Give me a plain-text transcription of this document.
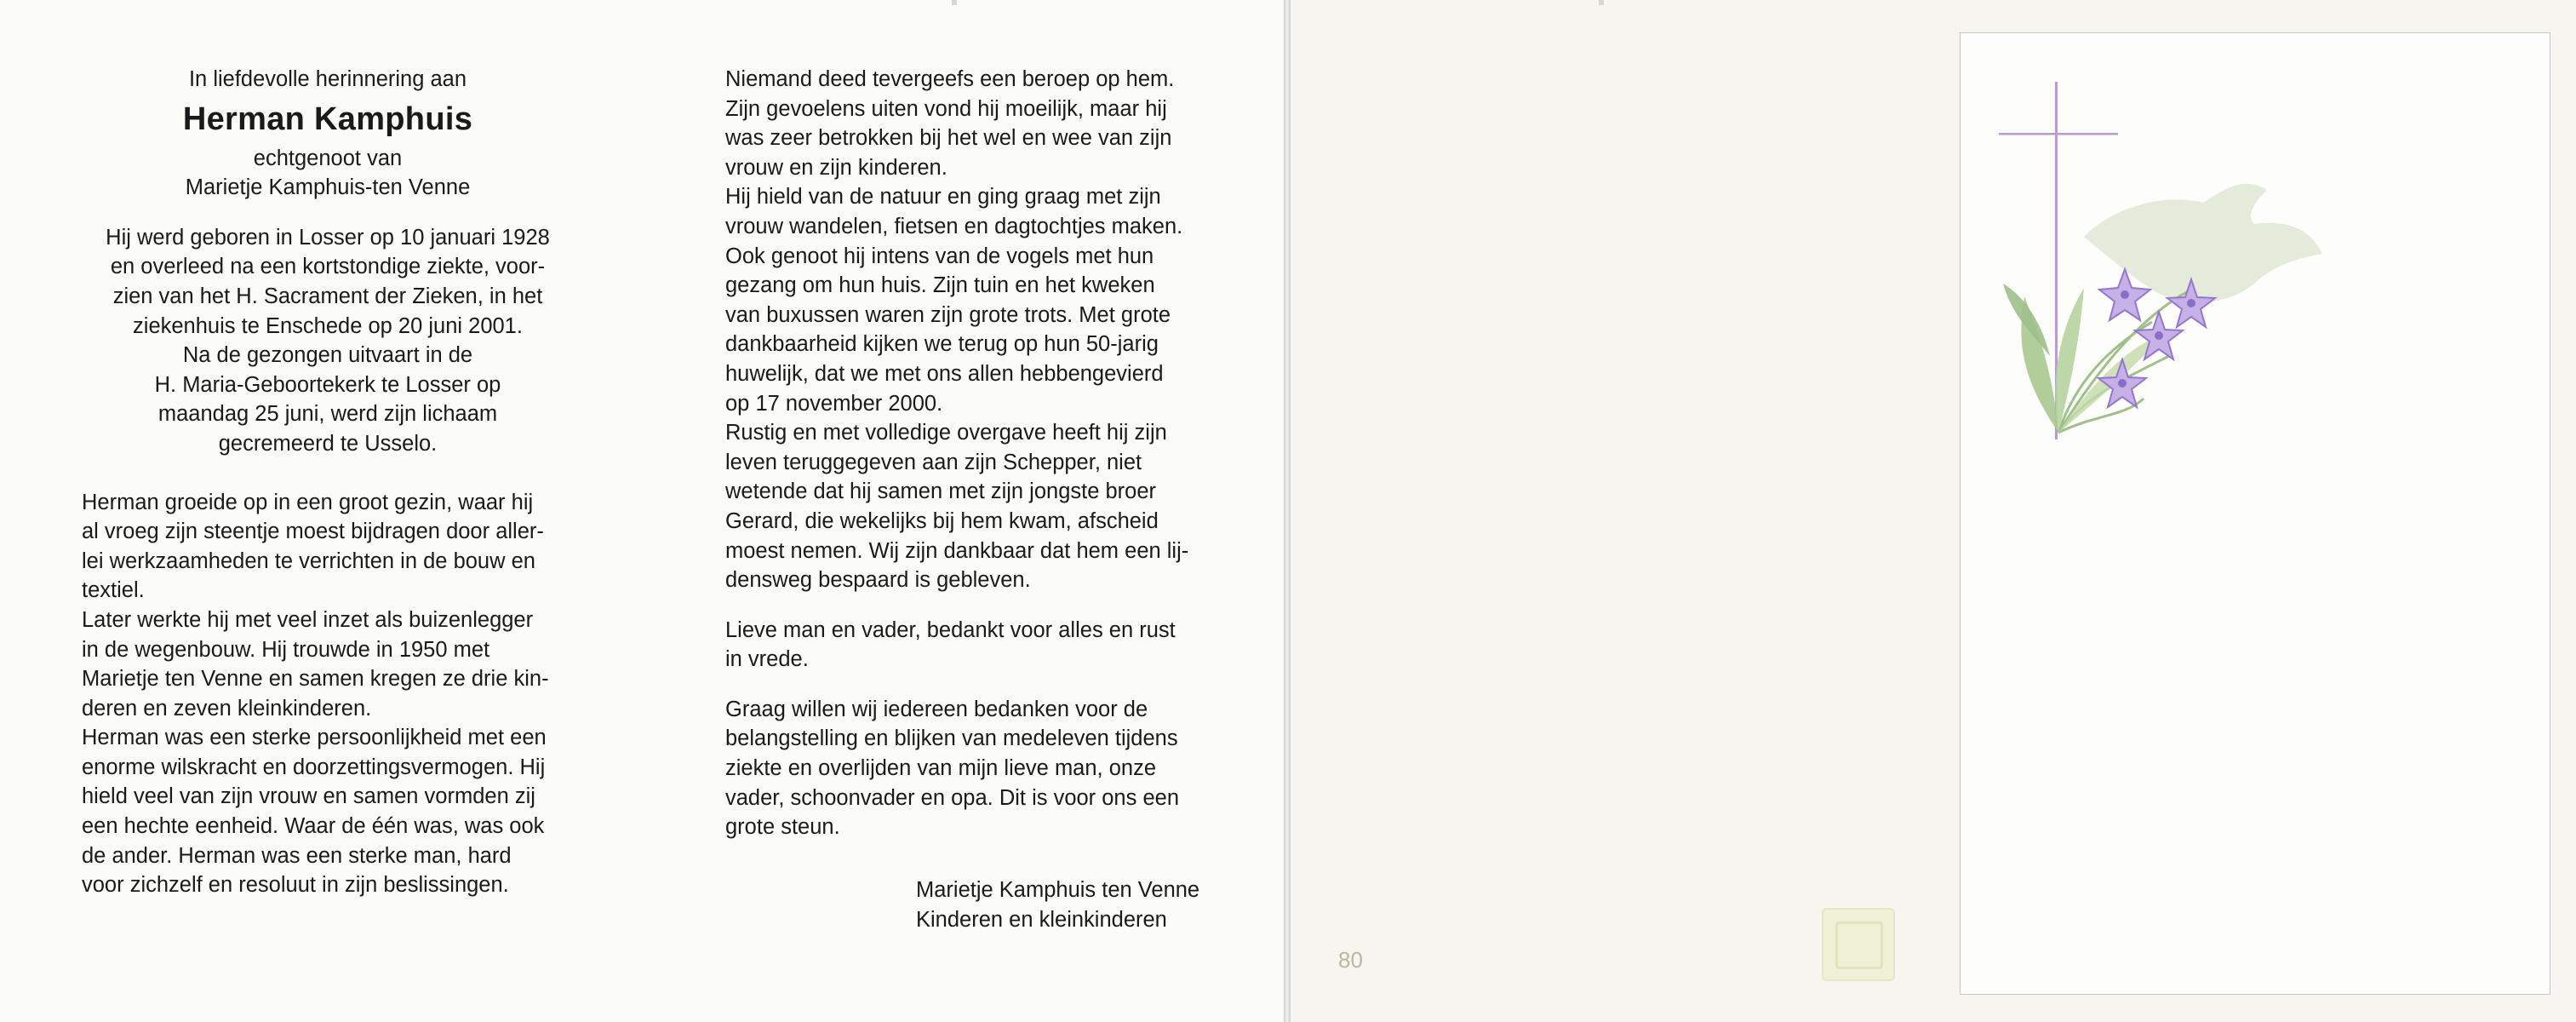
In liefdevolle herinnering aan
Herman Kamphuis
echtgenoot van
Marietje Kamphuis-ten Venne
Hij werd geboren in Losser op 10 januari 1928
en overleed na een kortstondige ziekte, voor-
zien van het H. Sacrament der Zieken, in het
ziekenhuis te Enschede op 20 juni 2001.
Na de gezongen uitvaart in de
H. Maria-Geboortekerk te Losser op
maandag 25 juni, werd zijn lichaam
gecremeerd te Usselo.
Herman groeide op in een groot gezin, waar hij
al vroeg zijn steentje moest bijdragen door aller-
lei werkzaamheden te verrichten in de bouw en
textiel.
Later werkte hij met veel inzet als buizenlegger
in de wegenbouw. Hij trouwde in 1950 met
Marietje ten Venne en samen kregen ze drie kin-
deren en zeven kleinkinderen.
Herman was een sterke persoonlijkheid met een
enorme wilskracht en doorzettingsvermogen. Hij
hield veel van zijn vrouw en samen vormden zij
een hechte eenheid. Waar de één was, was ook
de ander. Herman was een sterke man, hard
voor zichzelf en resoluut in zijn beslissingen.
Niemand deed tevergeefs een beroep op hem.
Zijn gevoelens uiten vond hij moeilijk, maar hij
was zeer betrokken bij het wel en wee van zijn
vrouw en zijn kinderen.
Hij hield van de natuur en ging graag met zijn
vrouw wandelen, fietsen en dagtochtjes maken.
Ook genoot hij intens van de vogels met hun
gezang om hun huis. Zijn tuin en het kweken
van buxussen waren zijn grote trots. Met grote
dankbaarheid kijken we terug op hun 50-jarig
huwelijk, dat we met ons allen hebbengevierd
op 17 november 2000.
Rustig en met volledige overgave heeft hij zijn
leven teruggegeven aan zijn Schepper, niet
wetende dat hij samen met zijn jongste broer
Gerard, die wekelijks bij hem kwam, afscheid
moest nemen. Wij zijn dankbaar dat hem een lij-
densweg bespaard is gebleven.
Lieve man en vader, bedankt voor alles en rust
in vrede.
Graag willen wij iedereen bedanken voor de
belangstelling en blijken van medeleven tijdens
ziekte en overlijden van mijn lieve man, onze
vader, schoonvader en opa. Dit is voor ons een
grote steun.
Marietje Kamphuis ten Venne
Kinderen en kleinkinderen
80
